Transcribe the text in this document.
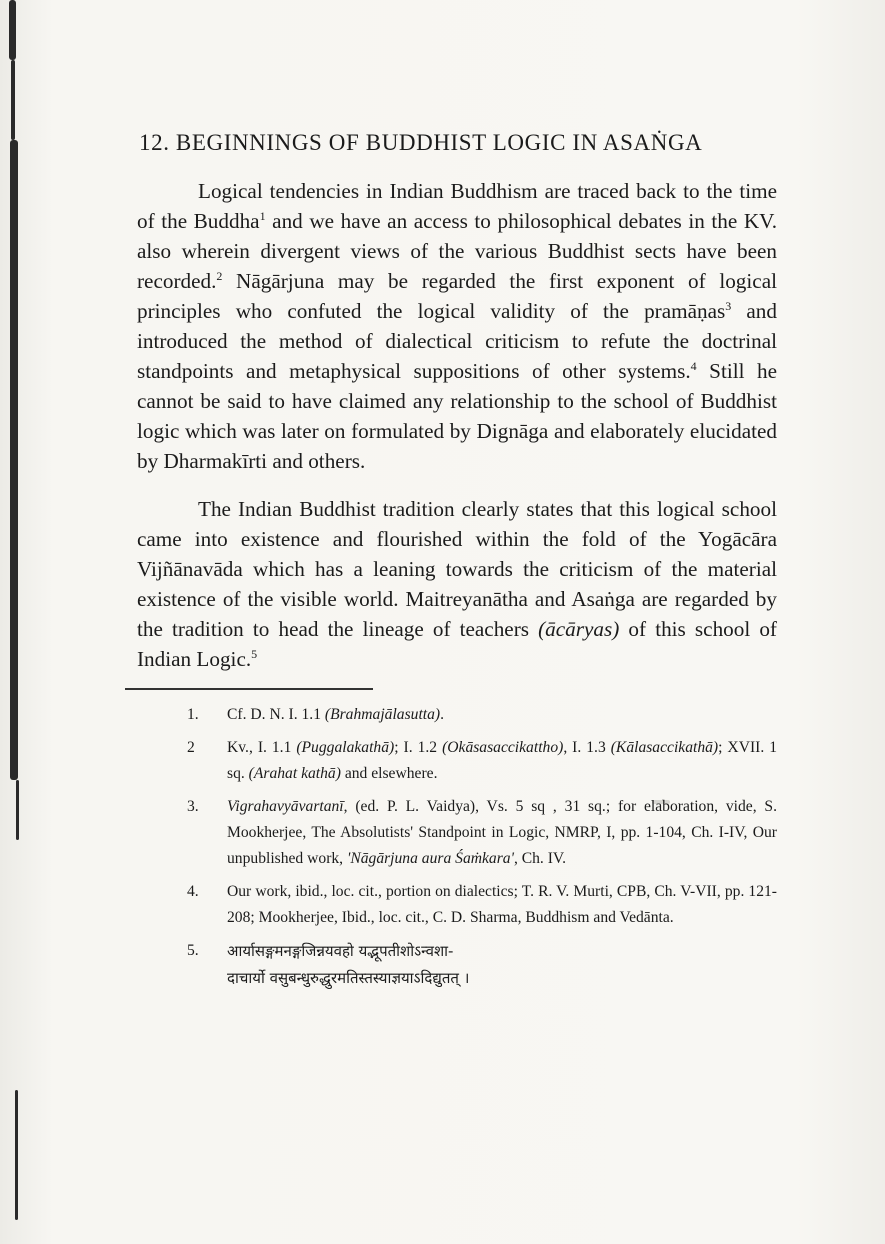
12. BEGINNINGS OF BUDDHIST LOGIC IN ASAṄGA

Logical tendencies in Indian Buddhism are traced back to the time of the Buddha$^1$ and we have an access to philosophical debates in the KV. also wherein divergent views of the various Buddhist sects have been recorded.$^2$ Nāgārjuna may be regarded the first exponent of logical principles who confuted the logical validity of the pramāṇas$^3$ and introduced the method of dialectical criticism to refute the doctrinal standpoints and metaphysical suppositions of other systems.$^4$ Still he cannot be said to have claimed any relationship to the school of Buddhist logic which was later on formulated by Dignāga and elaborately elucidated by Dharmakīrti and others.

The Indian Buddhist tradition clearly states that this logical school came into existence and flourished within the fold of the Yogācāra Vijñānavāda which has a leaning towards the criticism of the material existence of the visible world. Maitreyanātha and Asaṅga are regarded by the tradition to head the lineage of teachers (ācāryas) of this school of Indian Logic.$^5$

1. Cf. D. N. I. 1.1 (Brahmajālasutta).
2 Kv., I. 1.1 (Puggalakathā); I. 1.2 (Okāsasaccikattho), I. 1.3 (Kālasaccikathā); XVII. 1 sq. (Arahat kathā) and elsewhere.
3. Vigrahavyāvartanī, (ed. P. L. Vaidya), Vs. 5 sq , 31 sq.; for elaboration, vide, S. Mookherjee, The Absolutists' Standpoint in Logic, NMRP, I, pp. 1-104, Ch. I-IV, Our unpublished work, 'Nāgārjuna aura Śaṁkara', Ch. IV.
4. Our work, ibid., loc. cit., portion on dialectics; T. R. V. Murti, CPB, Ch. V-VII, pp. 121-208; Mookherjee, Ibid., loc. cit., C. D. Sharma, Buddhism and Vedānta.
5. आर्यासङ्गमनङ्गजिन्नयवहो यद्भूपतीशोऽन्वशा-
दाचार्यो वसुबन्धुरुद्धुरमतिस्तस्याज्ञयाऽदिद्युतत् ।
